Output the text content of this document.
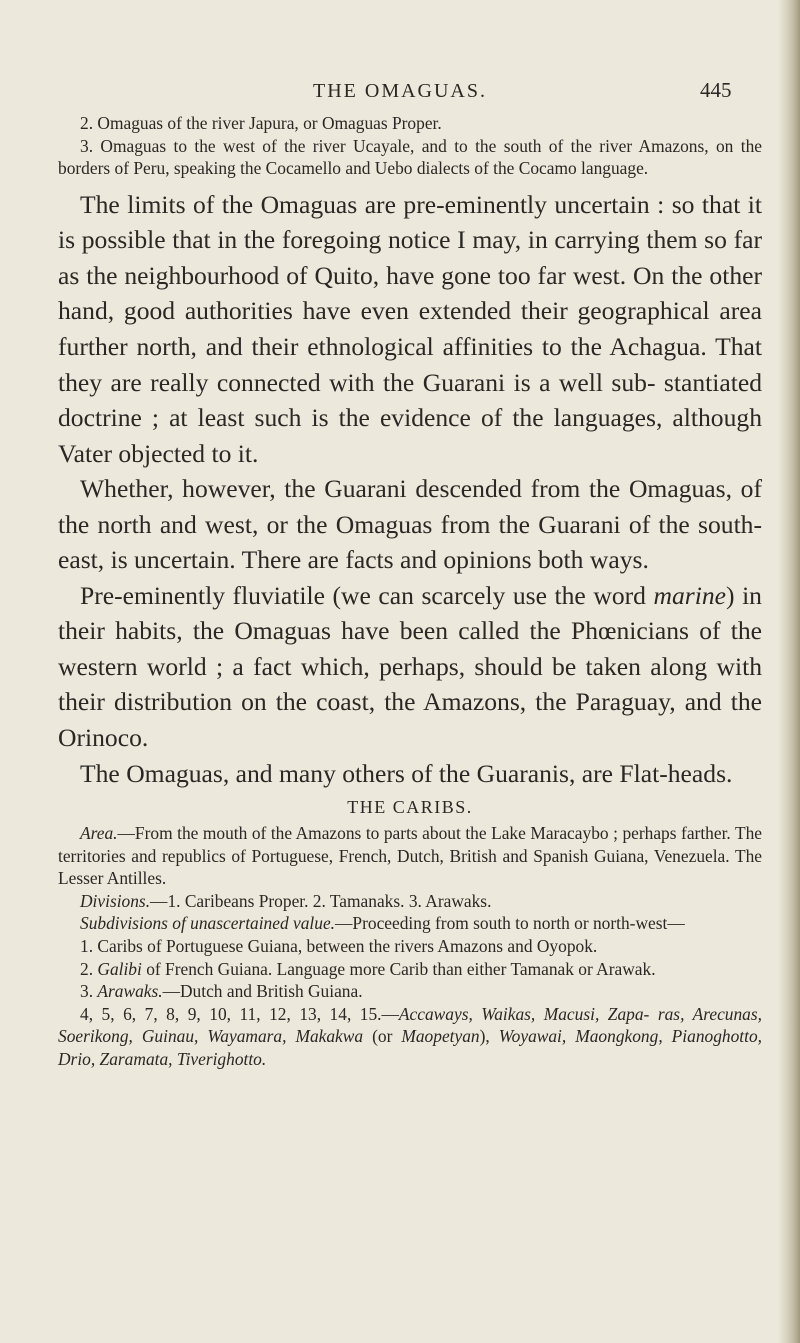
THE OMAGUAS.	445

2. Omaguas of the river Japura, or Omaguas Proper.

3. Omaguas to the west of the river Ucayale, and to the south of the river Amazons, on the borders of Peru, speaking the Cocamello and Uebo dialects of the Cocamo language.

The limits of the Omaguas are pre-eminently uncertain : so that it is possible that in the foregoing notice I may, in carrying them so far as the neighbourhood of Quito, have gone too far west. On the other hand, good authorities have even extended their geographical area further north, and their ethnological affinities to the Achagua. That they are really connected with the Guarani is a well sub- stantiated doctrine ; at least such is the evidence of the languages, although Vater objected to it.

Whether, however, the Guarani descended from the Omaguas, of the north and west, or the Omaguas from the Guarani of the south-east, is uncertain. There are facts and opinions both ways.

Pre-eminently fluviatile (we can scarcely use the word marine) in their habits, the Omaguas have been called the Phœnicians of the western world ; a fact which, perhaps, should be taken along with their distribution on the coast, the Amazons, the Paraguay, and the Orinoco.

The Omaguas, and many others of the Guaranis, are Flat-heads.

THE CARIBS.

Area.—From the mouth of the Amazons to parts about the Lake Maracaybo ; perhaps farther. The territories and republics of Portuguese, French, Dutch, British and Spanish Guiana, Venezuela. The Lesser Antilles.

Divisions.—1. Caribeans Proper. 2. Tamanaks. 3. Arawaks.

Subdivisions of unascertained value.—Proceeding from south to north or north-west—

1. Caribs of Portuguese Guiana, between the rivers Amazons and Oyopok.

2. Galibi of French Guiana. Language more Carib than either Tamanak or Arawak.

3. Arawaks.—Dutch and British Guiana.

4, 5, 6, 7, 8, 9, 10, 11, 12, 13, 14, 15.—Accaways, Waikas, Macusi, Zapa- ras, Arecunas, Soerikong, Guinau, Wayamara, Makakwa (or Maopetyan), Woyawai, Maongkong, Pianoghotto, Drio, Zaramata, Tiverighotto.
